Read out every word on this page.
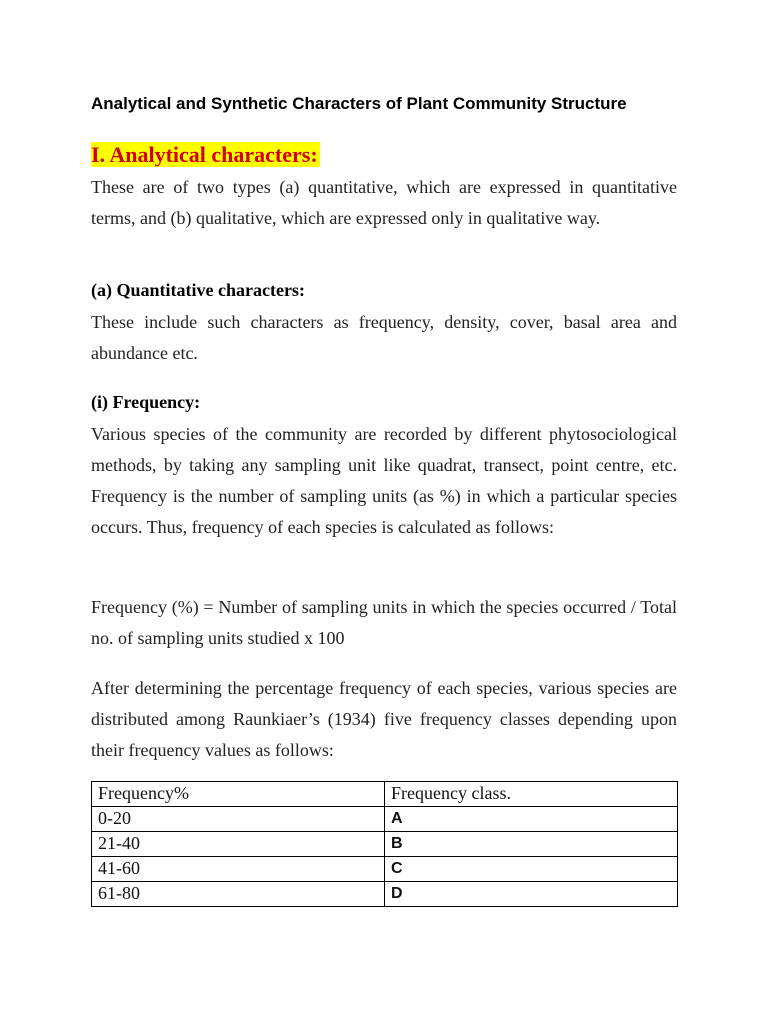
Analytical and Synthetic Characters of Plant Community Structure
I. Analytical characters:

These are of two types (a) quantitative, which are expressed in quantitative terms, and (b) qualitative, which are expressed only in qualitative way.

(a) Quantitative characters:

These include such characters as frequency, density, cover, basal area and abundance etc.

(i) Frequency:

Various species of the community are recorded by different phytosociological methods, by taking any sampling unit like quadrat, transect, point centre, etc. Frequency is the number of sampling units (as %) in which a particular species occurs. Thus, frequency of each species is calculated as follows:

Frequency (%) = Number of sampling units in which the species occurred / Total no. of sampling units studied x 100

After determining the percentage frequency of each species, various species are distributed among Raunkiaer’s (1934) five frequency classes depending upon their frequency values as follows:

Frequency%	Frequency class.
0-20	A
21-40	B
41-60	C
61-80	D
